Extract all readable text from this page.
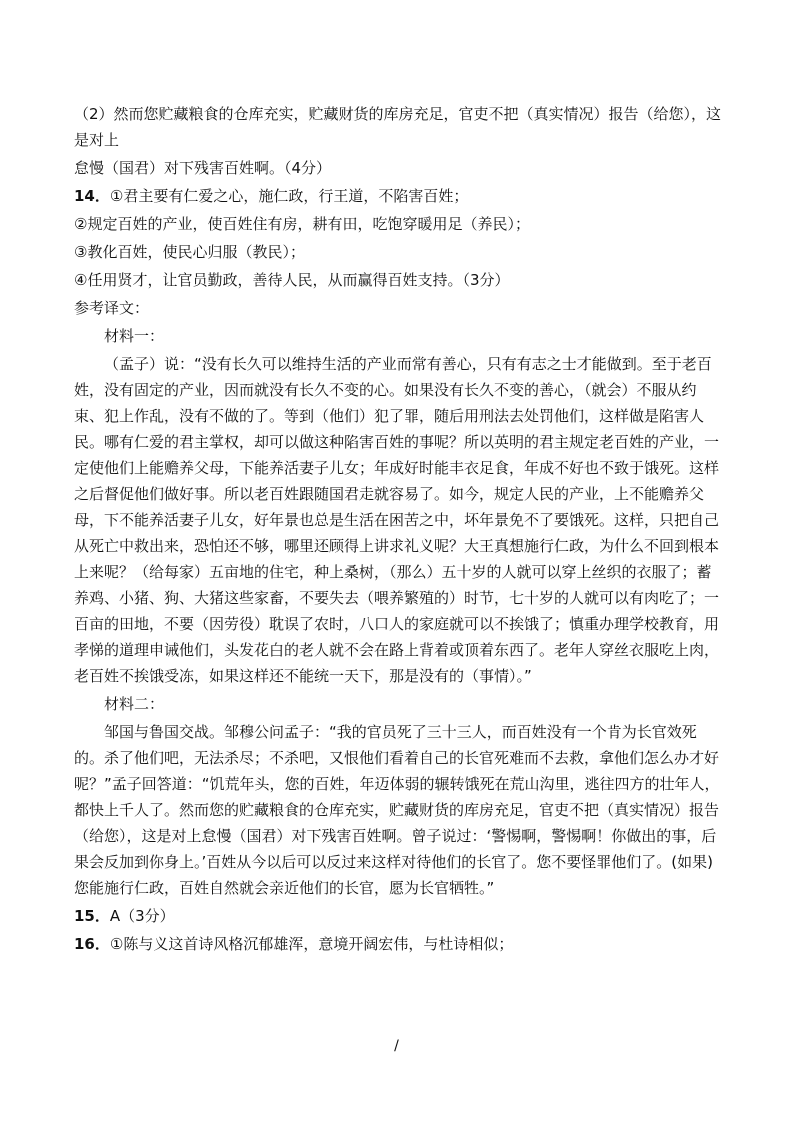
（2）然而您贮藏粮食的仓库充实，贮藏财货的库房充足，官吏不把（真实情况）报告（给您），这是对上

怠慢（国君）对下残害百姓啊。（4分）

14．①君主要有仁爱之心，施仁政，行王道，不陷害百姓；

②规定百姓的产业，使百姓住有房，耕有田，吃饱穿暖用足（养民）；

③教化百姓，使民心归服（教民）；

④任用贤才，让官员勤政，善待人民，从而赢得百姓支持。（3分）

参考译文：

材料一：

（孟子）说：“没有长久可以维持生活的产业而常有善心，只有有志之士才能做到。至于老百姓，没有固定的产业，因而就没有长久不变的心。如果没有长久不变的善心，（就会）不服从约束、犯上作乱，没有不做的了。等到（他们）犯了罪，随后用刑法去处罚他们，这样做是陷害人民。哪有仁爱的君主掌权，却可以做这种陷害百姓的事呢？所以英明的君主规定老百姓的产业，一定使他们上能赡养父母，下能养活妻子儿女；年成好时能丰衣足食，年成不好也不致于饿死。这样之后督促他们做好事。所以老百姓跟随国君走就容易了。如今，规定人民的产业，上不能赡养父母，下不能养活妻子儿女，好年景也总是生活在困苦之中，坏年景免不了要饿死。这样，只把自己从死亡中救出来，恐怕还不够，哪里还顾得上讲求礼义呢？大王真想施行仁政，为什么不回到根本上来呢？（给每家）五亩地的住宅，种上桑树，（那么）五十岁的人就可以穿上丝织的衣服了；蓄养鸡、小猪、狗、大猪这些家畜，不要失去（喂养繁殖的）时节，七十岁的人就可以有肉吃了；一百亩的田地，不要（因劳役）耽误了农时，八口人的家庭就可以不挨饿了；慎重办理学校教育，用孝悌的道理申诫他们，头发花白的老人就不会在路上背着或顶着东西了。老年人穿丝衣服吃上肉，老百姓不挨饿受冻，如果这样还不能统一天下，那是没有的（事情）。”

材料二：

邹国与鲁国交战。邹穆公问孟子：“我的官员死了三十三人，而百姓没有一个肯为长官效死的。杀了他们吧，无法杀尽；不杀吧，又恨他们看着自己的长官死难而不去救，拿他们怎么办才好呢？”孟子回答道：“饥荒年头，您的百姓，年迈体弱的辗转饿死在荒山沟里，逃往四方的壮年人，都快上千人了。然而您的贮藏粮食的仓库充实，贮藏财货的库房充足，官吏不把（真实情况）报告（给您），这是对上怠慢（国君）对下残害百姓啊。曾子说过：‘警惕啊，警惕啊！你做出的事，后果会反加到你身上。’百姓从今以后可以反过来这样对待他们的长官了。您不要怪罪他们了。(如果)您能施行仁政，百姓自然就会亲近他们的长官，愿为长官牺牲。”

15．A（3分）

16．①陈与义这首诗风格沉郁雄浑，意境开阔宏伟，与杜诗相似；

/
